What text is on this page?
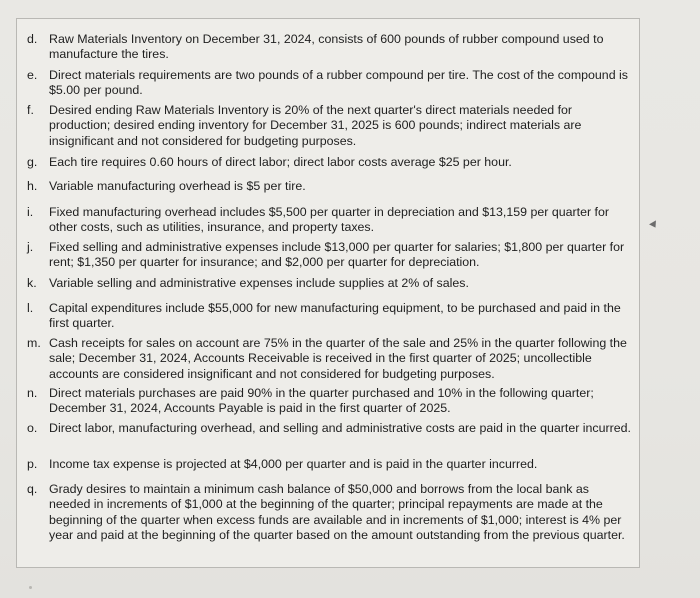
d. Raw Materials Inventory on December 31, 2024, consists of 600 pounds of rubber compound used to manufacture the tires.
e. Direct materials requirements are two pounds of a rubber compound per tire. The cost of the compound is $5.00 per pound.
f.	Desired ending Raw Materials Inventory is 20% of the next quarter's direct materials needed for production; desired ending inventory for December 31, 2025 is 600 pounds; indirect materials are insignificant and not considered for budgeting purposes.
g. Each tire requires 0.60 hours of direct labor; direct labor costs average $25 per hour.
h. Variable manufacturing overhead is $5 per tire.
i.	Fixed manufacturing overhead includes $5,500 per quarter in depreciation and $13,159 per quarter for other costs, such as utilities, insurance, and property taxes.
j.	Fixed selling and administrative expenses include $13,000 per quarter for salaries; $1,800 per quarter for rent; $1,350 per quarter for insurance; and $2,000 per quarter for depreciation.
k. Variable selling and administrative expenses include supplies at 2% of sales.
l.	Capital expenditures include $55,000 for new manufacturing equipment, to be purchased and paid in the first quarter.
m. Cash receipts for sales on account are 75% in the quarter of the sale and 25% in the quarter following the sale; December 31, 2024, Accounts Receivable is received in the first quarter of 2025; uncollectible accounts are considered insignificant and not considered for budgeting purposes.
n. Direct materials purchases are paid 90% in the quarter purchased and 10% in the following quarter; December 31, 2024, Accounts Payable is paid in the first quarter of 2025.
o. Direct labor, manufacturing overhead, and selling and administrative costs are paid in the quarter incurred.
p. Income tax expense is projected at $4,000 per quarter and is paid in the quarter incurred.
q. Grady desires to maintain a minimum cash balance of $50,000 and borrows from the local bank as needed in increments of $1,000 at the beginning of the quarter; principal repayments are made at the beginning of the quarter when excess funds are available and in increments of $1,000; interest is 4% per year and paid at the beginning of the quarter based on the amount outstanding from the previous quarter.
